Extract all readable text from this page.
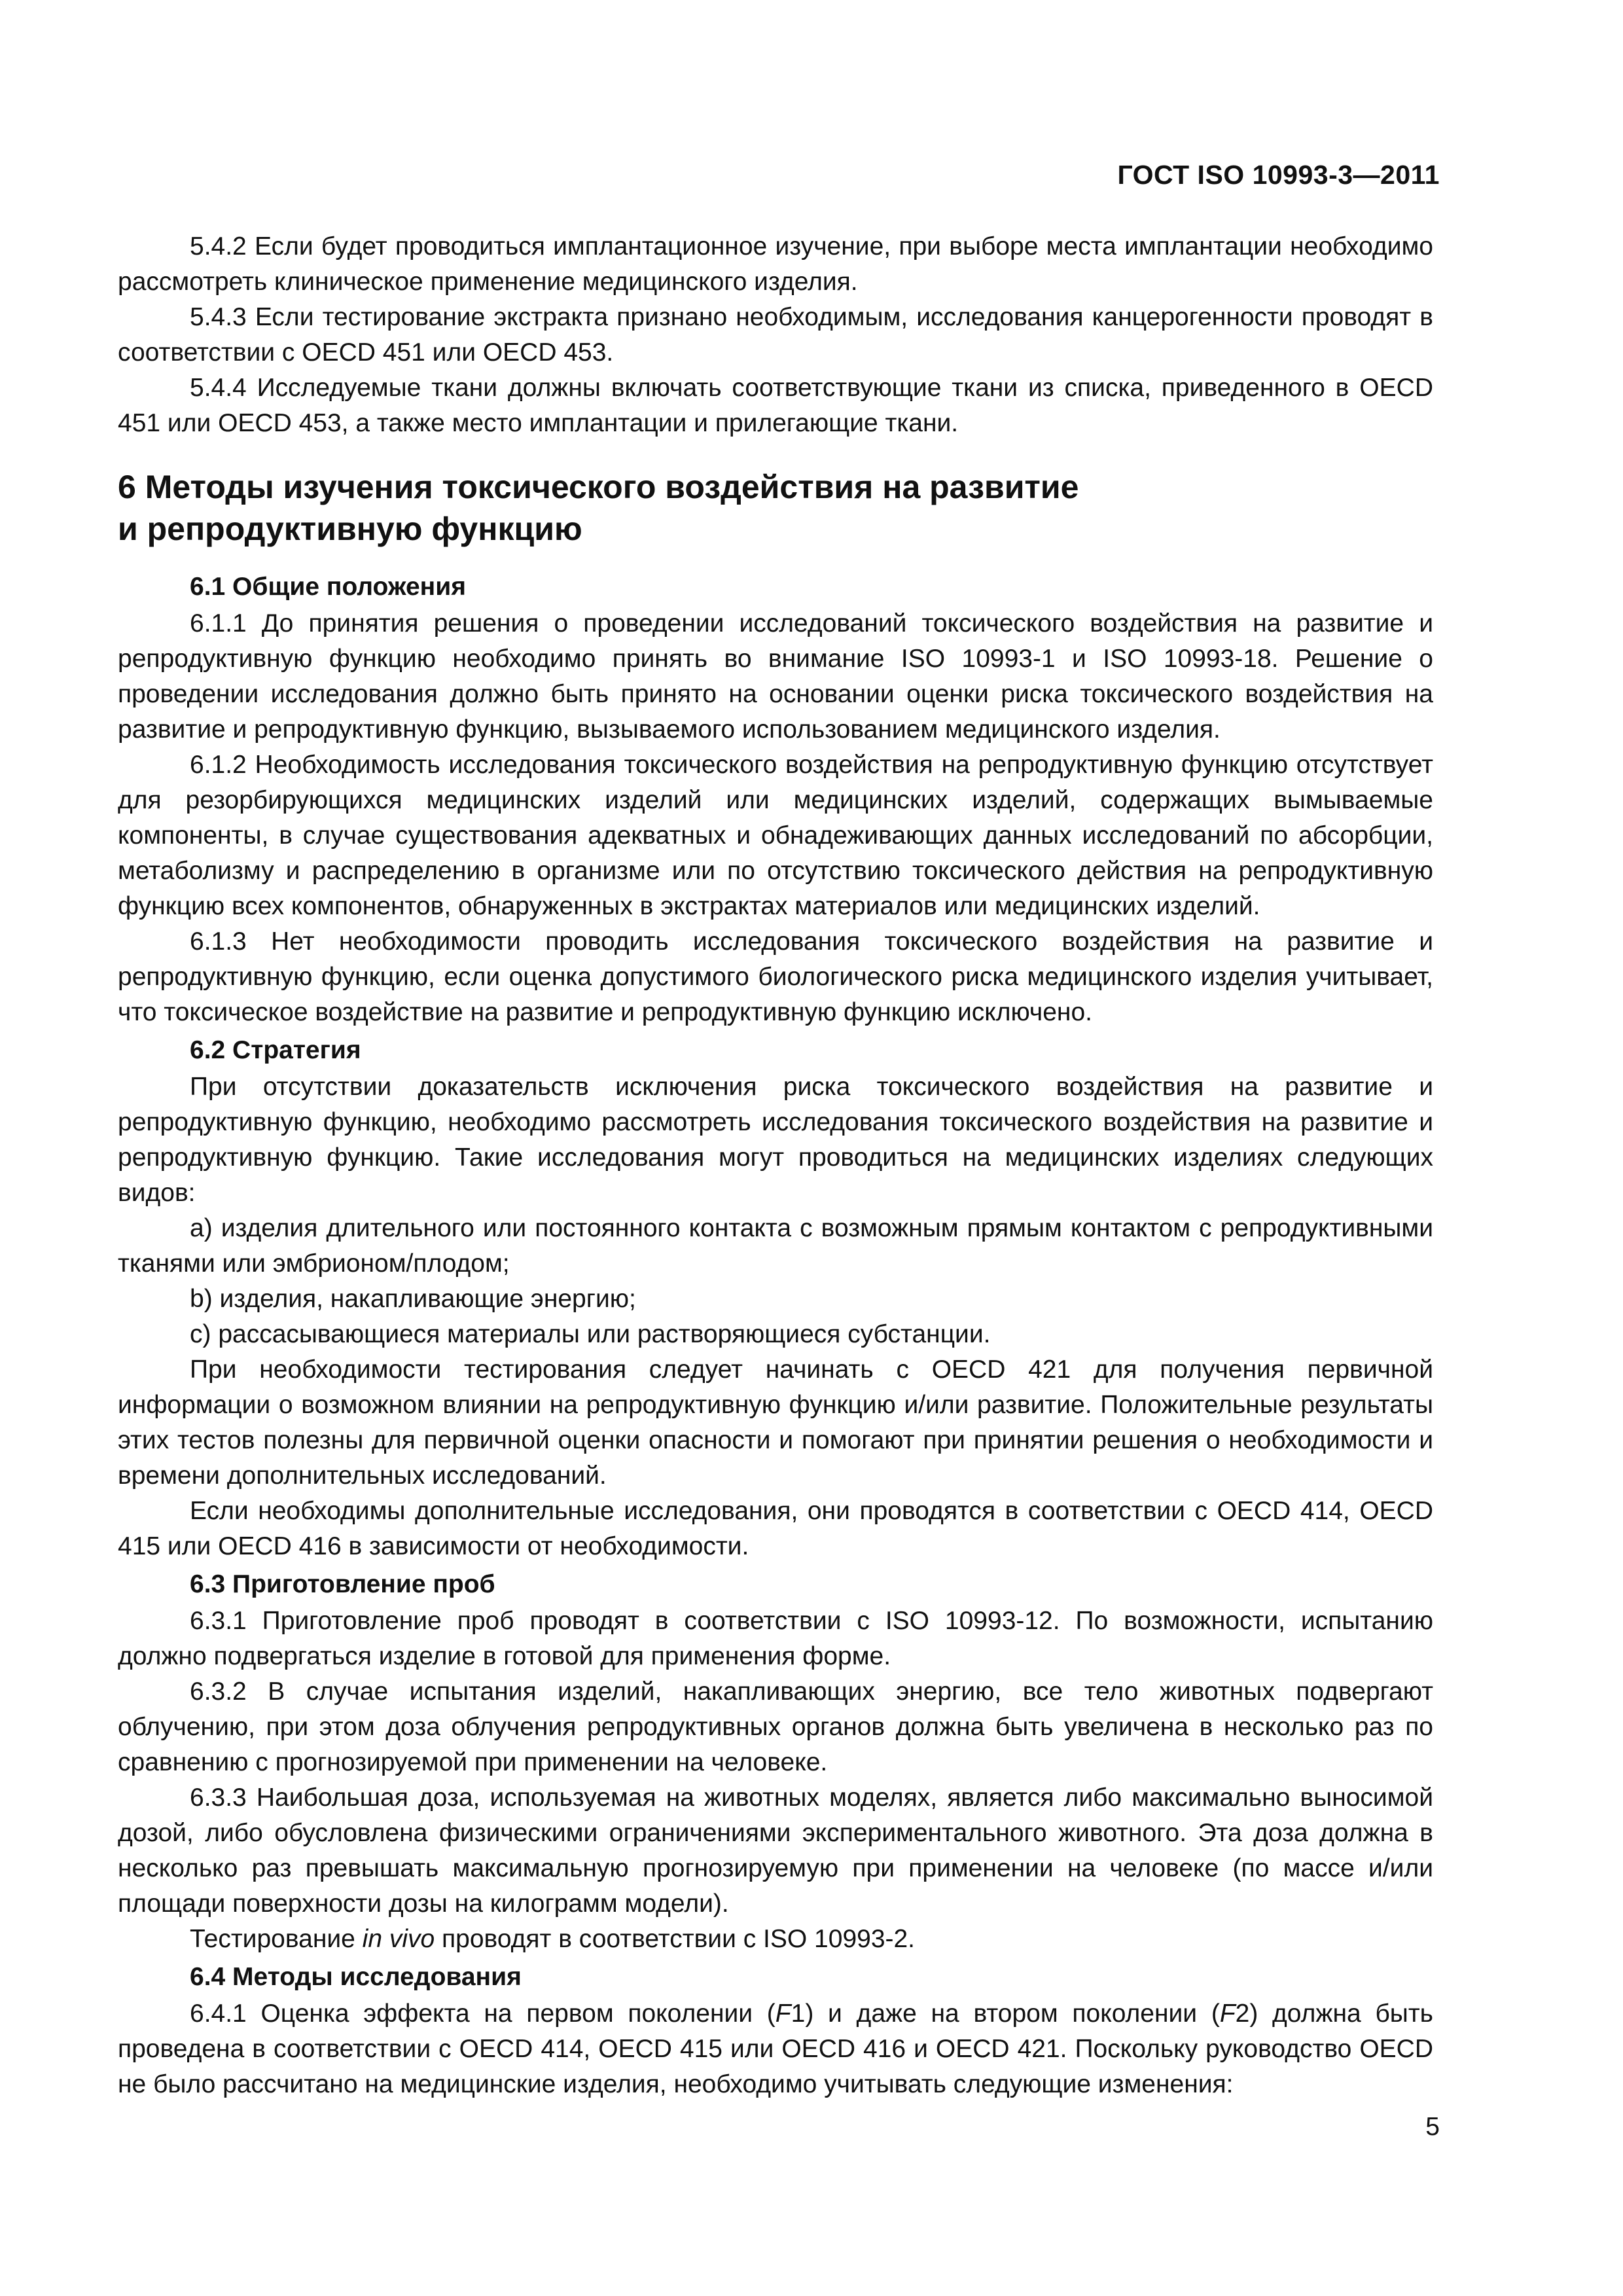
ГОСТ ISO 10993-3—2011

5.4.2 Если будет проводиться имплантационное изучение, при выборе места имплантации необходимо рассмотреть клиническое применение медицинского изделия.

5.4.3 Если тестирование экстракта признано необходимым, исследования канцерогенности проводят в соответствии с OECD 451 или OECD 453.

5.4.4 Исследуемые ткани должны включать соответствующие ткани из списка, приведенного в OECD 451 или OECD 453, а также место имплантации и прилегающие ткани.

6 Методы изучения токсического воздействия на развитие
и репродуктивную функцию
6.1 Общие положения

6.1.1 До принятия решения о проведении исследований токсического воздействия на развитие и репродуктивную функцию необходимо принять во внимание ISO 10993-1 и ISO 10993-18. Решение о проведении исследования должно быть принято на основании оценки риска токсического воздействия на развитие и репродуктивную функцию, вызываемого использованием медицинского изделия.

6.1.2 Необходимость исследования токсического воздействия на репродуктивную функцию отсутствует для резорбирующихся медицинских изделий или медицинских изделий, содержащих вымываемые компоненты, в случае существования адекватных и обнадеживающих данных исследований по абсорбции, метаболизму и распределению в организме или по отсутствию токсического действия на репродуктивную функцию всех компонентов, обнаруженных в экстрактах материалов или медицинских изделий.

6.1.3 Нет необходимости проводить исследования токсического воздействия на развитие и репродуктивную функцию, если оценка допустимого биологического риска медицинского изделия учитывает, что токсическое воздействие на развитие и репродуктивную функцию исключено.

6.2 Стратегия

При отсутствии доказательств исключения риска токсического воздействия на развитие и репродуктивную функцию, необходимо рассмотреть исследования токсического воздействия на развитие и репродуктивную функцию. Такие исследования могут проводиться на медицинских изделиях следующих видов:

а) изделия длительного или постоянного контакта с возможным прямым контактом с репродуктивными тканями или эмбрионом/плодом;

b) изделия, накапливающие энергию;

с) рассасывающиеся материалы или растворяющиеся субстанции.

При необходимости тестирования следует начинать с OECD 421 для получения первичной информации о возможном влиянии на репродуктивную функцию и/или развитие. Положительные результаты этих тестов полезны для первичной оценки опасности и помогают при принятии решения о необходимости и времени дополнительных исследований.

Если необходимы дополнительные исследования, они проводятся в соответствии с OECD 414, OECD 415 или OECD 416 в зависимости от необходимости.

6.3 Приготовление проб

6.3.1 Приготовление проб проводят в соответствии с ISO 10993-12. По возможности, испытанию должно подвергаться изделие в готовой для применения форме.

6.3.2 В случае испытания изделий, накапливающих энергию, все тело животных подвергают облучению, при этом доза облучения репродуктивных органов должна быть увеличена в несколько раз по сравнению с прогнозируемой при применении на человеке.

6.3.3 Наибольшая доза, используемая на животных моделях, является либо максимально выносимой дозой, либо обусловлена физическими ограничениями экспериментального животного. Эта доза должна в несколько раз превышать максимальную прогнозируемую при применении на человеке (по массе и/или площади поверхности дозы на килограмм модели).

Тестирование in vivo проводят в соответствии с ISO 10993-2.

6.4 Методы исследования

6.4.1 Оценка эффекта на первом поколении (F1) и даже на втором поколении (F2) должна быть проведена в соответствии с OECD 414, OECD 415 или OECD 416 и OECD 421. Поскольку руководство OECD не было рассчитано на медицинские изделия, необходимо учитывать следующие изменения:

5
